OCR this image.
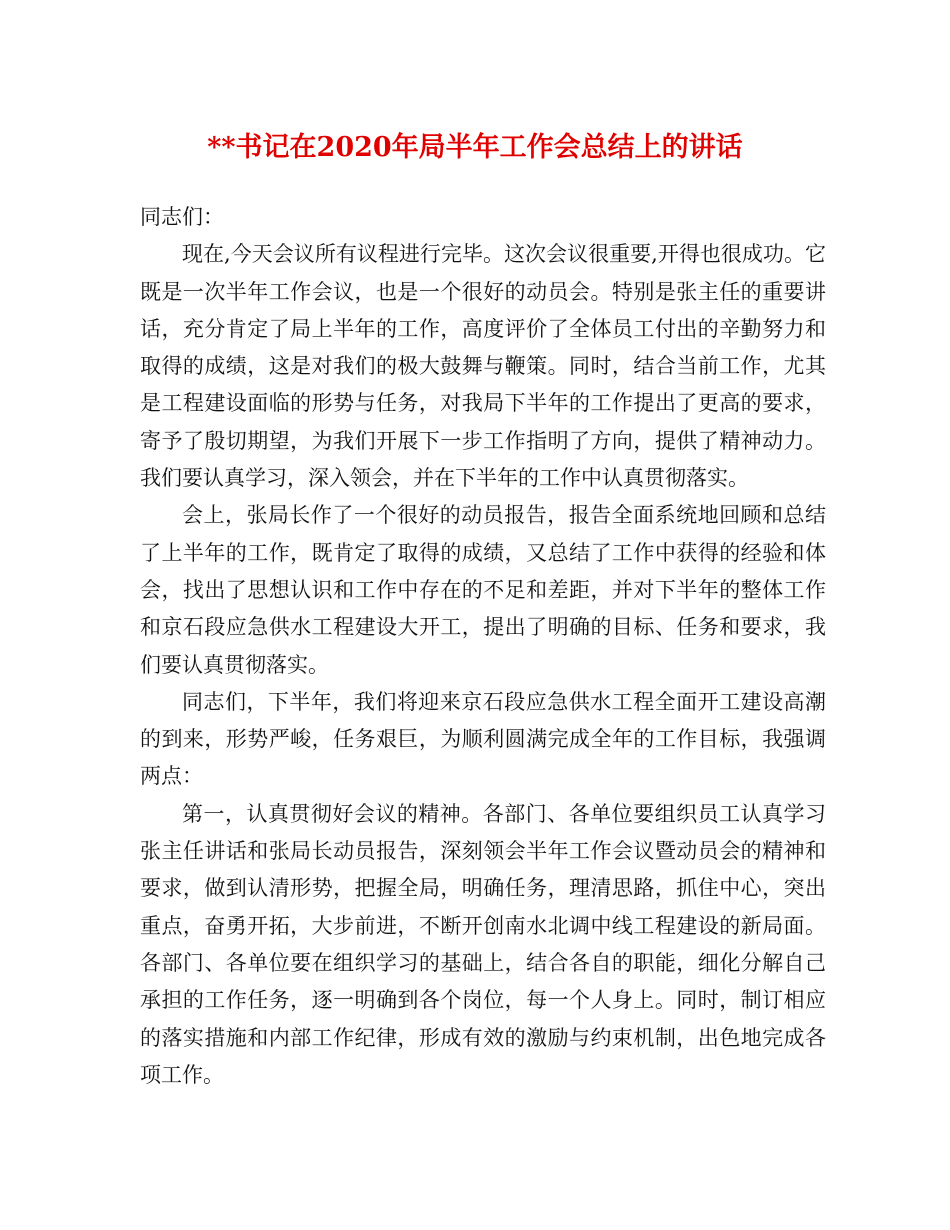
**书记在2020年局半年工作会总结上的讲话

同志们：

现在,今天会议所有议程进行完毕。这次会议很重要,开得也很成功。它既是一次半年工作会议，也是一个很好的动员会。特别是张主任的重要讲话，充分肯定了局上半年的工作，高度评价了全体员工付出的辛勤努力和取得的成绩，这是对我们的极大鼓舞与鞭策。同时，结合当前工作，尤其是工程建设面临的形势与任务，对我局下半年的工作提出了更高的要求，寄予了殷切期望，为我们开展下一步工作指明了方向，提供了精神动力。我们要认真学习，深入领会，并在下半年的工作中认真贯彻落实。

会上，张局长作了一个很好的动员报告，报告全面系统地回顾和总结了上半年的工作，既肯定了取得的成绩，又总结了工作中获得的经验和体会，找出了思想认识和工作中存在的不足和差距，并对下半年的整体工作和京石段应急供水工程建设大开工，提出了明确的目标、任务和要求，我们要认真贯彻落实。

同志们，下半年，我们将迎来京石段应急供水工程全面开工建设高潮的到来，形势严峻，任务艰巨，为顺利圆满完成全年的工作目标，我强调两点：

第一，认真贯彻好会议的精神。各部门、各单位要组织员工认真学习张主任讲话和张局长动员报告，深刻领会半年工作会议暨动员会的精神和要求，做到认清形势，把握全局，明确任务，理清思路，抓住中心，突出重点，奋勇开拓，大步前进，不断开创南水北调中线工程建设的新局面。各部门、各单位要在组织学习的基础上，结合各自的职能，细化分解自己承担的工作任务，逐一明确到各个岗位，每一个人身上。同时，制订相应的落实措施和内部工作纪律，形成有效的激励与约束机制，出色地完成各项工作。
